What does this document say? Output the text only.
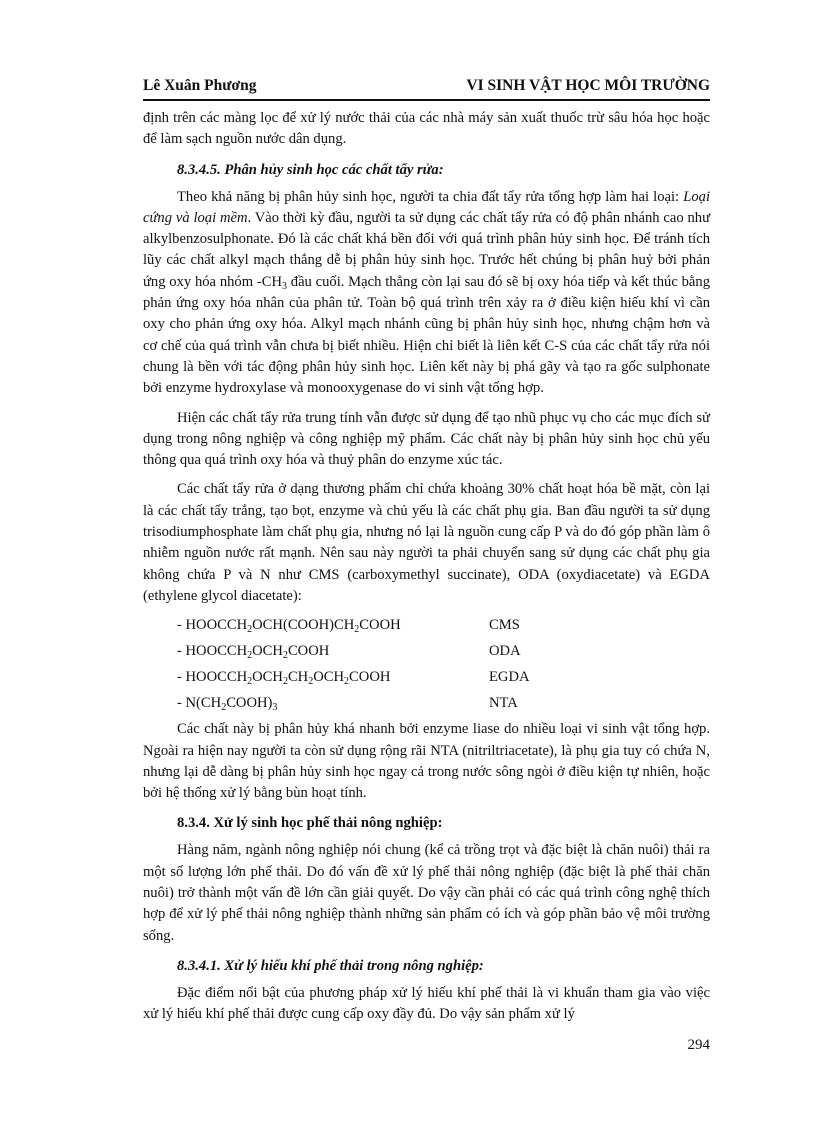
Lê Xuân Phương	VI SINH VẬT HỌC MÔI TRƯỜNG

định trên các màng lọc để xử lý nước thải của các nhà máy sản xuất thuốc trừ sâu hóa học hoặc để làm sạch nguồn nước dân dụng.

8.3.4.5. Phân hủy sinh học các chất tẩy rửa:

Theo khả năng bị phân hủy sinh học, người ta chia đất tẩy rửa tổng hợp làm hai loại: Loại cứng và loại mềm. Vào thời kỳ đầu, người ta sử dụng các chất tẩy rửa có độ phân nhánh cao như alkylbenzosulphonate. Đó là các chất khá bền đối với quá trình phân hủy sinh học. Để tránh tích lũy các chất alkyl mạch thẳng dễ bị phân hủy sinh học. Trước hết chúng bị phân huỷ bởi phản ứng oxy hóa nhóm $-CH_3$ đầu cuối. Mạch thẳng còn lại sau đó sẽ bị oxy hóa tiếp và kết thúc bằng phản ứng oxy hóa nhân của phân tử. Toàn bộ quá trình trên xảy ra ở điều kiện hiếu khí vì cần oxy cho phản ứng oxy hóa. Alkyl mạch nhánh cũng bị phân hủy sinh học, nhưng chậm hơn và cơ chế của quá trình vẫn chưa bị biết nhiều. Hiện chỉ biết là liên kết C-S của các chất tẩy rửa nói chung là bền với tác động phân hủy sinh học. Liên kết này bị phá gãy và tạo ra gốc sulphonate bởi enzyme hydroxylase và monooxygenase do vi sinh vật tổng hợp.

Hiện các chất tẩy rửa trung tính vẫn được sử dụng để tạo nhũ phục vụ cho các mục đích sử dụng trong nông nghiệp và công nghiệp mỹ phẩm. Các chất này bị phân hủy sinh học chủ yếu thông qua quá trình oxy hóa và thuỷ phân do enzyme xúc tác.

Các chất tẩy rửa ở dạng thương phẩm chỉ chứa khoảng 30% chất hoạt hóa bề mặt, còn lại là các chất tẩy trắng, tạo bọt, enzyme và chủ yếu là các chất phụ gia. Ban đầu người ta sử dụng trisodiumphosphate làm chất phụ gia, nhưng nó lại là nguồn cung cấp P và do đó góp phần làm ô nhiễm nguồn nước rất mạnh. Nên sau này người ta phải chuyển sang sử dụng các chất phụ gia không chứa P và N như CMS (carboxymethyl succinate), ODA (oxydiacetate) và EGDA (ethylene glycol diacetate):

- $HOOCCH_2OCH(COOH)CH_2COOH$	CMS
- $HOOCCH_2OCH_2COOH$	ODA
- $HOOCCH_2OCH_2CH_2OCH_2COOH$	EGDA
- $N(CH_2COOH)_3$	NTA

Các chất này bị phân hủy khá nhanh bởi enzyme liase do nhiều loại vi sinh vật tổng hợp. Ngoài ra hiện nay người ta còn sử dụng rộng rãi NTA (nitriltriacetate), là phụ gia tuy có chứa N, nhưng lại dễ dàng bị phân hủy sinh học ngay cả trong nước sông ngòi ở điều kiện tự nhiên, hoặc bởi hệ thống xử lý bằng bùn hoạt tính.

8.3.4. Xử lý sinh học phế thải nông nghiệp:

Hàng năm, ngành nông nghiệp nói chung (kể cả trồng trọt và đặc biệt là chăn nuôi) thải ra một số lượng lớn phế thải. Do đó vấn đề xử lý phế thải nông nghiệp (đặc biệt là phế thải chăn nuôi) trở thành một vấn đề lớn cần giải quyết. Do vậy cần phải có các quá trình công nghệ thích hợp để xử lý phế thải nông nghiệp thành những sản phẩm có ích và góp phần bảo vệ môi trường sống.

8.3.4.1. Xử lý hiếu khí phế thải trong nông nghiệp:

Đặc điểm nổi bật của phương pháp xử lý hiếu khí phế thải là vi khuẩn tham gia vào việc xử lý hiếu khí phế thải được cung cấp oxy đầy đủ. Do vậy sản phẩm xử lý

294
